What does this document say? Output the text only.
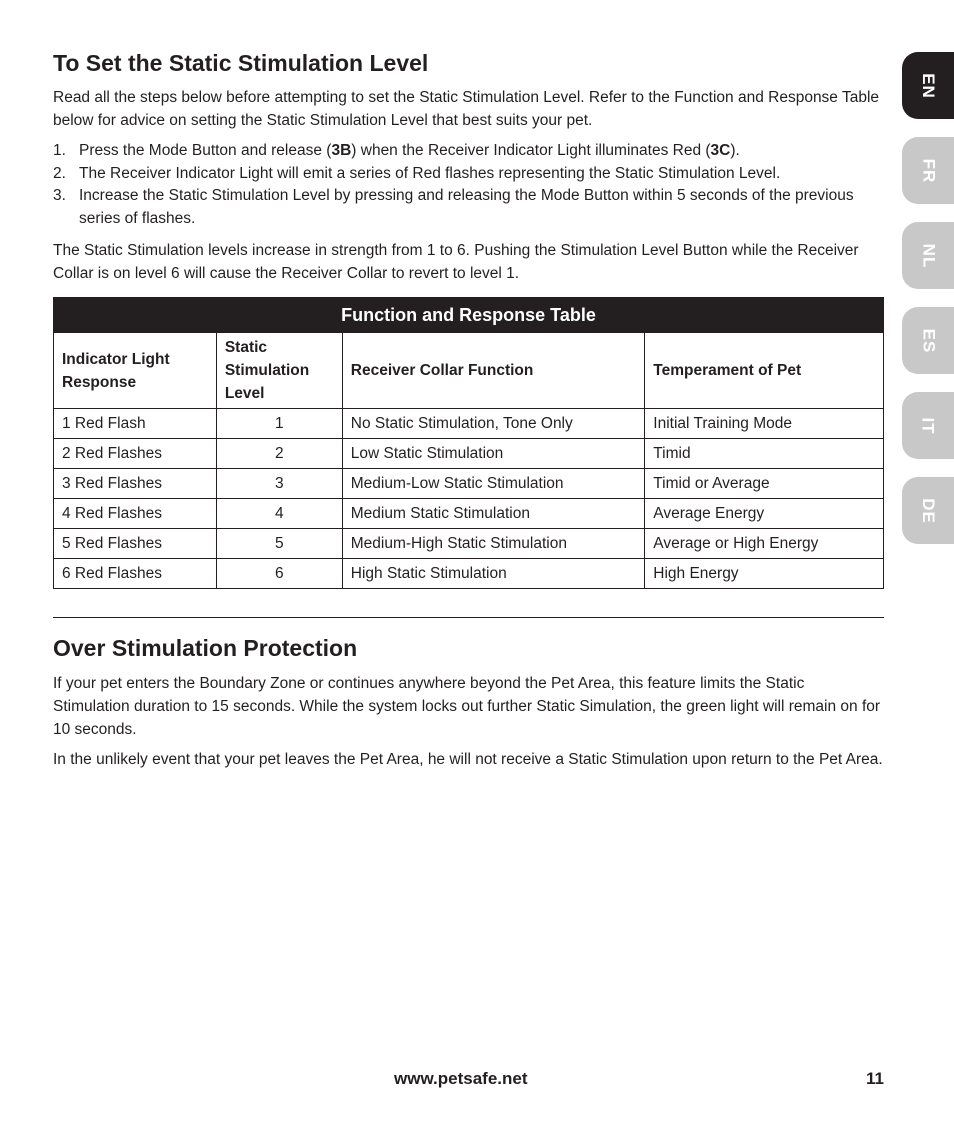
To Set the Static Stimulation Level

Read all the steps below before attempting to set the Static Stimulation Level. Refer to the Function and Response Table below for advice on setting the Static Stimulation Level that best suits your pet.

1. Press the Mode Button and release (3B) when the Receiver Indicator Light illuminates Red (3C).
2. The Receiver Indicator Light will emit a series of Red flashes representing the Static Stimulation Level.
3. Increase the Static Stimulation Level by pressing and releasing the Mode Button within 5 seconds of the previous series of flashes.

The Static Stimulation levels increase in strength from 1 to 6. Pushing the Stimulation Level Button while the Receiver Collar is on level 6 will cause the Receiver Collar to revert to level 1.

Function and Response Table			
Indicator Light Response	Static Stimulation Level	Receiver Collar Function	Temperament of Pet
1 Red Flash	1	No Static Stimulation, Tone Only	Initial Training Mode
2 Red Flashes	2	Low Static Stimulation	Timid
3 Red Flashes	3	Medium-Low Static Stimulation	Timid or Average
4 Red Flashes	4	Medium Static Stimulation	Average Energy
5 Red Flashes	5	Medium-High Static Stimulation	Average or High Energy
6 Red Flashes	6	High Static Stimulation	High Energy
Over Stimulation Protection

If your pet enters the Boundary Zone or continues anywhere beyond the Pet Area, this feature limits the Static Stimulation duration to 15 seconds. While the system locks out further Static Simulation, the green light will remain on for 10 seconds.

In the unlikely event that your pet leaves the Pet Area, he will not receive a Static Stimulation upon return to the Pet Area.

www.petsafe.net	11
EN
FR
NL
ES
IT
DE
